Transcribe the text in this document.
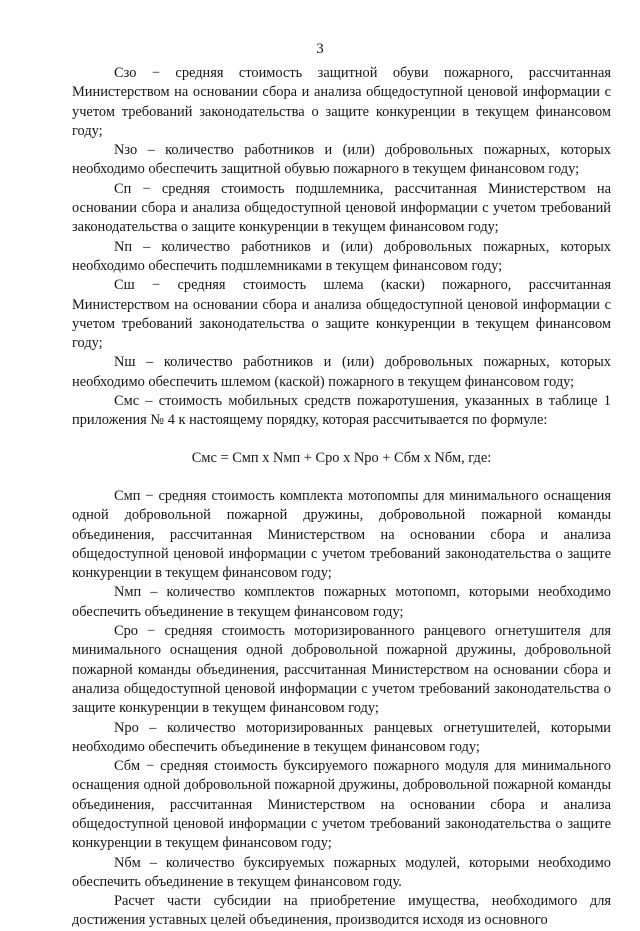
3

Сзо − средняя стоимость защитной обуви пожарного, рассчитанная Министерством на основании сбора и анализа общедоступной ценовой информации с учетом требований законодательства о защите конкуренции в текущем финансовом году;

Nзо – количество работников и (или) добровольных пожарных, которых необходимо обеспечить защитной обувью пожарного в текущем финансовом году;

Сп − средняя стоимость подшлемника, рассчитанная Министерством на основании сбора и анализа общедоступной ценовой информации с учетом требований законодательства о защите конкуренции в текущем финансовом году;

Nп – количество работников и (или) добровольных пожарных, которых необходимо обеспечить подшлемниками в текущем финансовом году;

Сш − средняя стоимость шлема (каски) пожарного, рассчитанная Министерством на основании сбора и анализа общедоступной ценовой информации с учетом требований законодательства о защите конкуренции в текущем финансовом году;

Nш – количество работников и (или) добровольных пожарных, которых необходимо обеспечить шлемом (каской) пожарного в текущем финансовом году;

Смс – стоимость мобильных средств пожаротушения, указанных в таблице 1 приложения № 4 к настоящему порядку, которая рассчитывается по формуле:

Смс = Смп x Nмп + Сро x Nро + Сбм x Nбм, где:

Смп − средняя стоимость комплекта мотопомпы для минимального оснащения одной добровольной пожарной дружины, добровольной пожарной команды объединения, рассчитанная Министерством на основании сбора и анализа общедоступной ценовой информации с учетом требований законодательства о защите конкуренции в текущем финансовом году;

Nмп – количество комплектов пожарных мотопомп, которыми необходимо обеспечить объединение в текущем финансовом году;

Сро − средняя стоимость моторизированного ранцевого огнетушителя для минимального оснащения одной добровольной пожарной дружины, добровольной пожарной команды объединения, рассчитанная Министерством на основании сбора и анализа общедоступной ценовой информации с учетом требований законодательства о защите конкуренции в текущем финансовом году;

Nро – количество моторизированных ранцевых огнетушителей, которыми необходимо обеспечить объединение в текущем финансовом году;

Сбм − средняя стоимость буксируемого пожарного модуля для минимального оснащения одной добровольной пожарной дружины, добровольной пожарной команды объединения, рассчитанная Министерством на основании сбора и анализа общедоступной ценовой информации с учетом требований законодательства о защите конкуренции в текущем финансовом году;

Nбм – количество буксируемых пожарных модулей, которыми необходимо обеспечить объединение в текущем финансовом году.

Расчет части субсидии на приобретение имущества, необходимого для достижения уставных целей объединения, производится исходя из основного
